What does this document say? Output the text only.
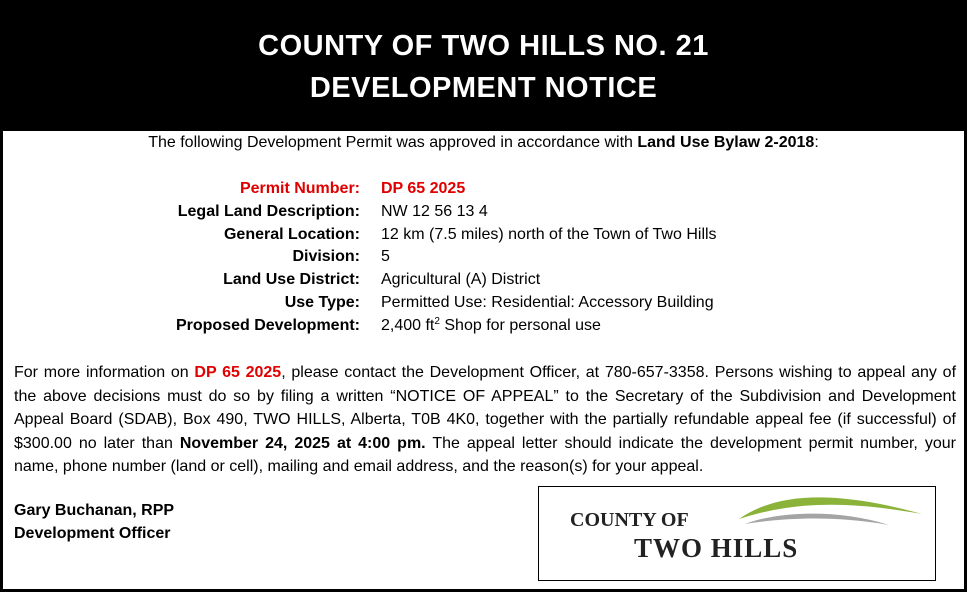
COUNTY OF TWO HILLS NO. 21
DEVELOPMENT NOTICE
The following Development Permit was approved in accordance with Land Use Bylaw 2-2018:
Permit Number: DP 65 2025
Legal Land Description: NW 12 56 13 4
General Location: 12 km (7.5 miles) north of the Town of Two Hills
Division: 5
Land Use District: Agricultural (A) District
Use Type: Permitted Use: Residential: Accessory Building
Proposed Development: 2,400 $ft^2$ Shop for personal use
For more information on DP 65 2025, please contact the Development Officer, at 780-657-3358. Persons wishing to appeal any of the above decisions must do so by filing a written “NOTICE OF APPEAL” to the Secretary of the Subdivision and Development Appeal Board (SDAB), Box 490, TWO HILLS, Alberta, T0B 4K0, together with the partially refundable appeal fee (if successful) of $300.00 no later than November 24, 2025 at 4:00 pm. The appeal letter should indicate the development permit number, your name, phone number (land or cell), mailing and email address, and the reason(s) for your appeal.
Gary Buchanan, RPP
Development Officer
COUNTY OF
TWO HILLS
